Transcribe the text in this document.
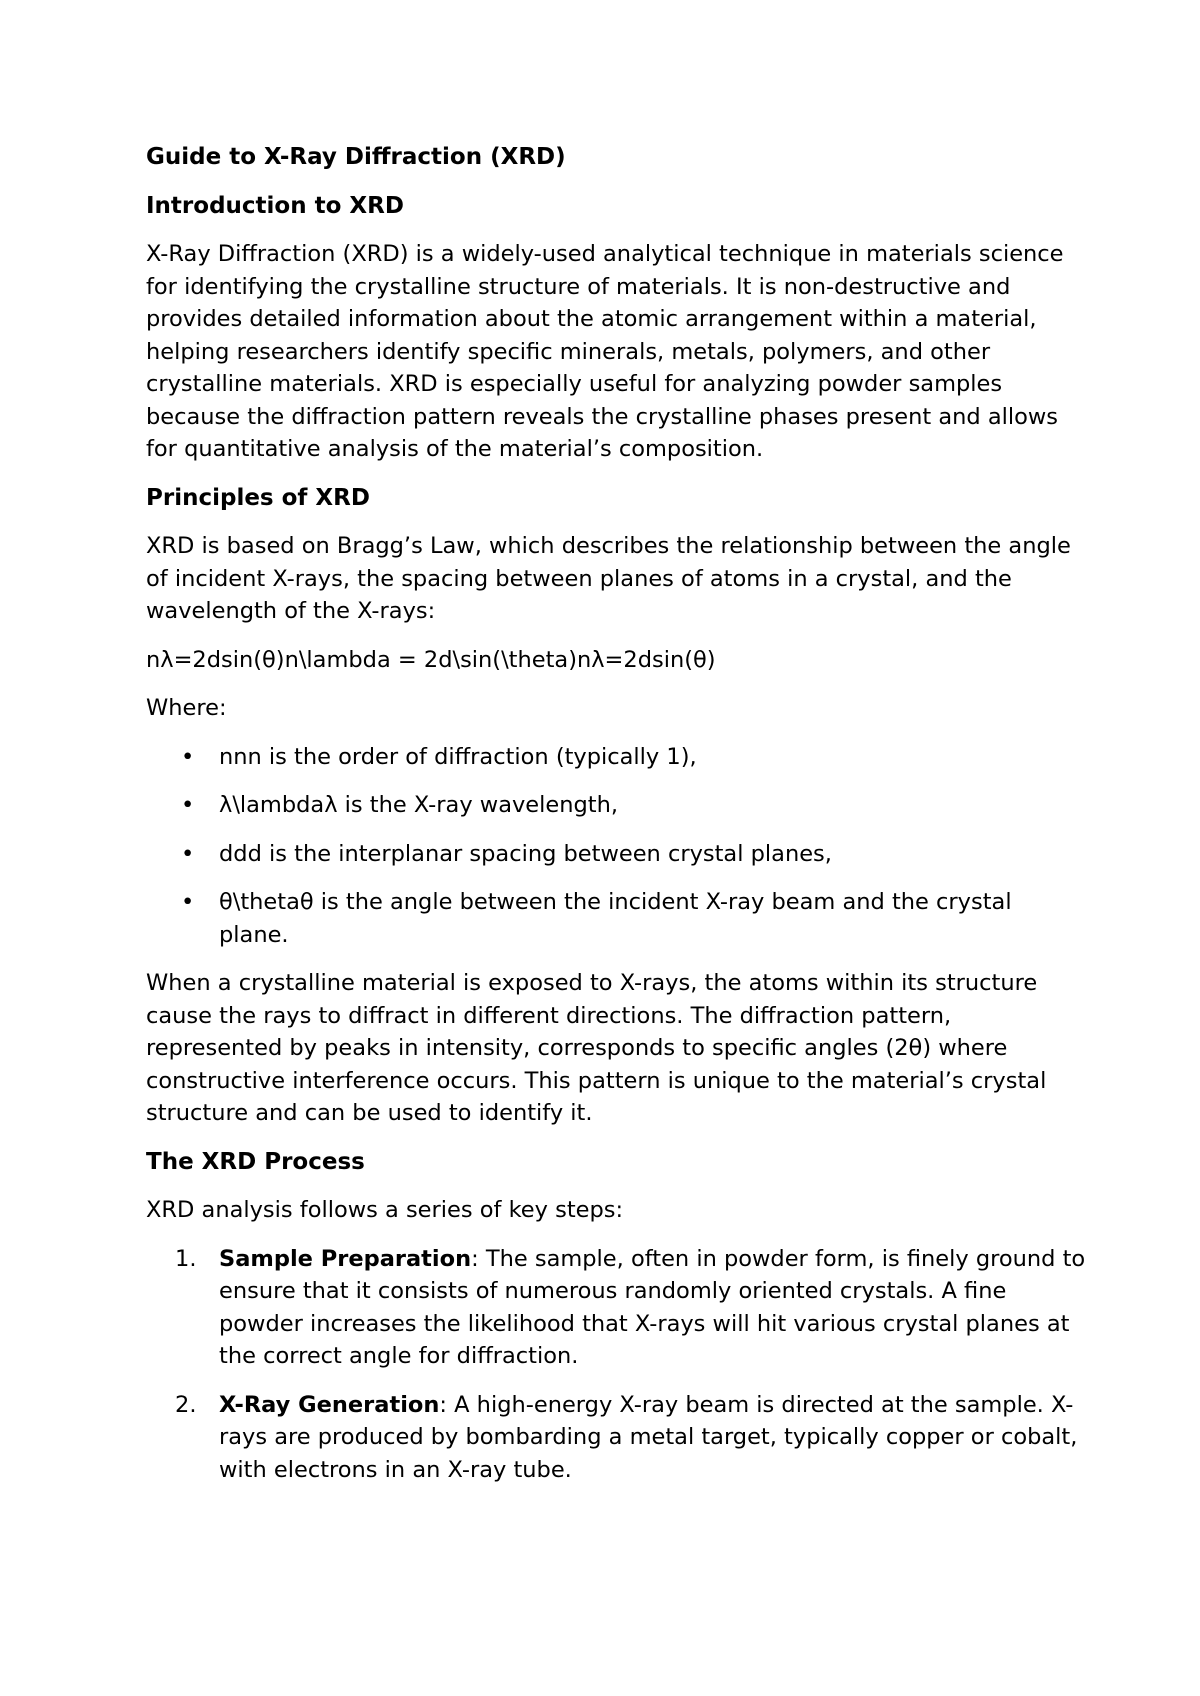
Guide to X-Ray Diffraction (XRD)

Introduction to XRD

X-Ray Diffraction (XRD) is a widely-used analytical technique in materials science for identifying the crystalline structure of materials. It is non-destructive and provides detailed information about the atomic arrangement within a material, helping researchers identify specific minerals, metals, polymers, and other crystalline materials. XRD is especially useful for analyzing powder samples because the diffraction pattern reveals the crystalline phases present and allows for quantitative analysis of the material’s composition.

Principles of XRD

XRD is based on Bragg’s Law, which describes the relationship between the angle of incident X-rays, the spacing between planes of atoms in a crystal, and the wavelength of the X-rays:

nλ=2dsin(θ)n\lambda = 2d\sin(\theta)nλ=2dsin(θ)

Where:

• nnn is the order of diffraction (typically 1),
• λ\lambdaλ is the X-ray wavelength,
• ddd is the interplanar spacing between crystal planes,
• θ\thetaθ is the angle between the incident X-ray beam and the crystal plane.

When a crystalline material is exposed to X-rays, the atoms within its structure cause the rays to diffract in different directions. The diffraction pattern, represented by peaks in intensity, corresponds to specific angles (2θ) where constructive interference occurs. This pattern is unique to the material’s crystal structure and can be used to identify it.

The XRD Process

XRD analysis follows a series of key steps:

1. Sample Preparation: The sample, often in powder form, is finely ground to ensure that it consists of numerous randomly oriented crystals. A fine powder increases the likelihood that X-rays will hit various crystal planes at the correct angle for diffraction.
2. X-Ray Generation: A high-energy X-ray beam is directed at the sample. X-rays are produced by bombarding a metal target, typically copper or cobalt, with electrons in an X-ray tube.
